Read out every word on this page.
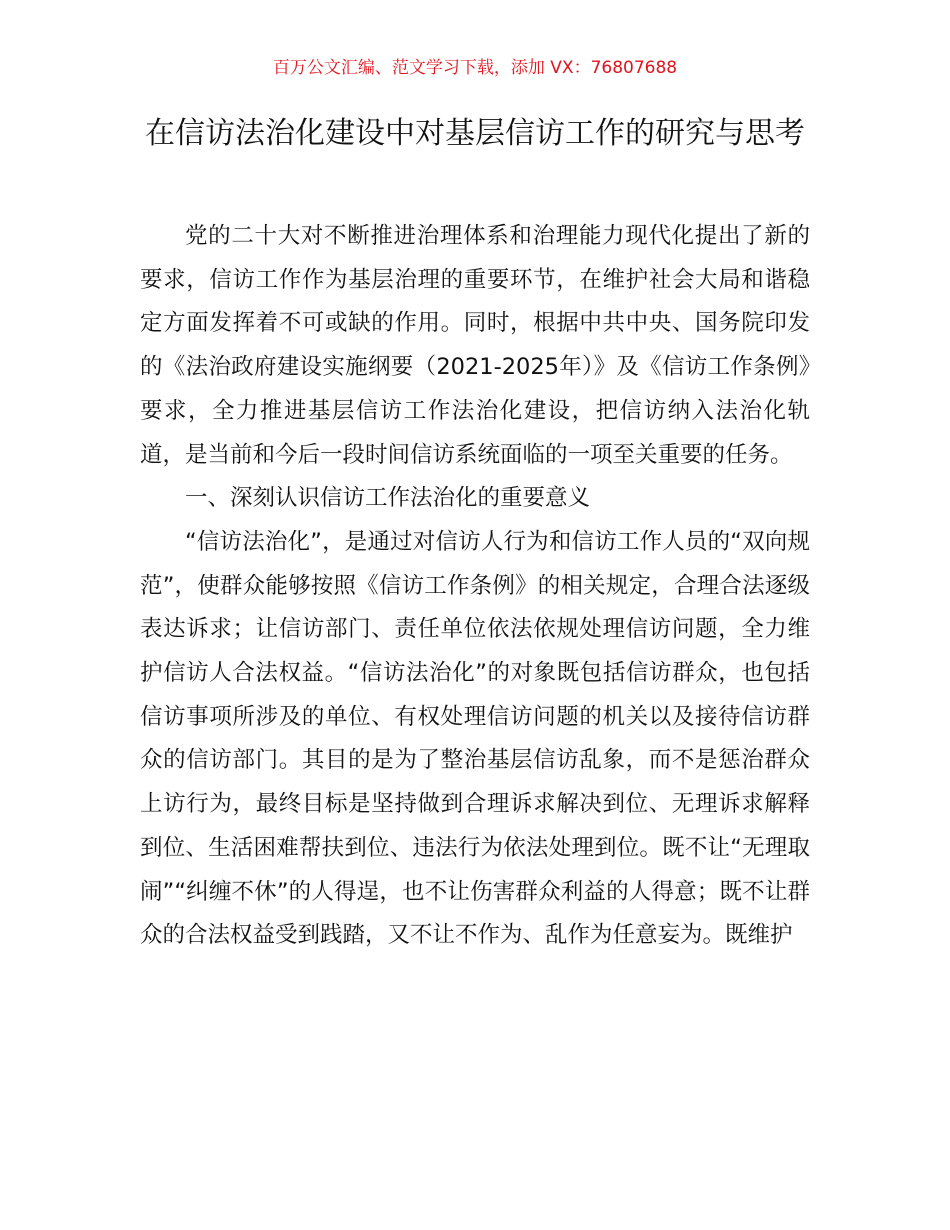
百万公文汇编、范文学习下载，添加 VX：76807688
在信访法治化建设中对基层信访工作的研究与思考

党的二十大对不断推进治理体系和治理能力现代化提出了新的要求，信访工作作为基层治理的重要环节，在维护社会大局和谐稳定方面发挥着不可或缺的作用。同时，根据中共中央、国务院印发的《法治政府建设实施纲要（2021-2025年）》及《信访工作条例》要求，全力推进基层信访工作法治化建设，把信访纳入法治化轨道，是当前和今后一段时间信访系统面临的一项至关重要的任务。

一、深刻认识信访工作法治化的重要意义

“信访法治化”，是通过对信访人行为和信访工作人员的“双向规范”，使群众能够按照《信访工作条例》的相关规定，合理合法逐级表达诉求；让信访部门、责任单位依法依规处理信访问题，全力维护信访人合法权益。“信访法治化”的对象既包括信访群众，也包括信访事项所涉及的单位、有权处理信访问题的机关以及接待信访群众的信访部门。其目的是为了整治基层信访乱象，而不是惩治群众上访行为，最终目标是坚持做到合理诉求解决到位、无理诉求解释到位、生活困难帮扶到位、违法行为依法处理到位。既不让“无理取闹”“纠缠不休”的人得逞，也不让伤害群众利益的人得意；既不让群众的合法权益受到践踏，又不让不作为、乱作为任意妄为。既维护
